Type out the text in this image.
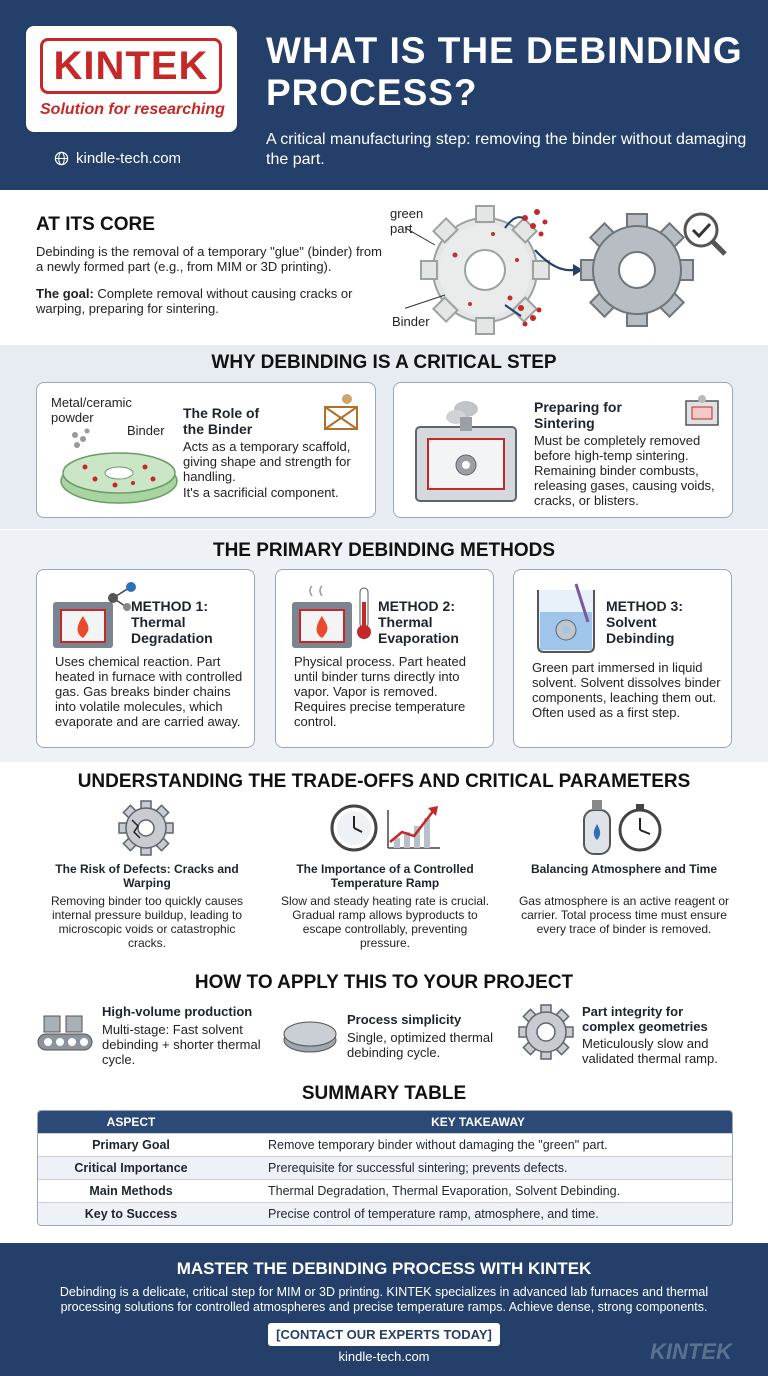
KINTEK
Solution for researching
kindle-tech.com
WHAT IS THE DEBINDING PROCESS?
A critical manufacturing step: removing the binder without damaging the part.
AT ITS CORE
Debinding is the removal of a temporary "glue" (binder) from a newly formed part (e.g., from MIM or 3D printing).
The goal: Complete removal without causing cracks or warping, preparing for sintering.
green part
Binder
WHY DEBINDING IS A CRITICAL STEP
Metal/ceramic powder
Binder
The Role of the Binder
Acts as a temporary scaffold, giving shape and strength for handling.
It's a sacrificial component.
Preparing for Sintering
Must be completely removed before high-temp sintering. Remaining binder combusts, releasing gases, causing voids, cracks, or blisters.
THE PRIMARY DEBINDING METHODS
METHOD 1: Thermal Degradation
Uses chemical reaction. Part heated in furnace with controlled gas. Gas breaks binder chains into volatile molecules, which evaporate and are carried away.
METHOD 2: Thermal Evaporation
Physical process. Part heated until binder turns directly into vapor. Vapor is removed. Requires precise temperature control.
METHOD 3: Solvent Debinding
Green part immersed in liquid solvent. Solvent dissolves binder components, leaching them out. Often used as a first step.
UNDERSTANDING THE TRADE-OFFS AND CRITICAL PARAMETERS
The Risk of Defects: Cracks and Warping
Removing binder too quickly causes internal pressure buildup, leading to microscopic voids or catastrophic cracks.
The Importance of a Controlled Temperature Ramp
Slow and steady heating rate is crucial. Gradual ramp allows byproducts to escape controllably, preventing pressure.
Balancing Atmosphere and Time
Gas atmosphere is an active reagent or carrier. Total process time must ensure every trace of binder is removed.
HOW TO APPLY THIS TO YOUR PROJECT
High-volume production
Multi-stage: Fast solvent debinding + shorter thermal cycle.
Process simplicity
Single, optimized thermal debinding cycle.
Part integrity for complex geometries
Meticulously slow and validated thermal ramp.
SUMMARY TABLE
ASPECT	KEY TAKEAWAY
Primary Goal	Remove temporary binder without damaging the "green" part.
Critical Importance	Prerequisite for successful sintering; prevents defects.
Main Methods	Thermal Degradation, Thermal Evaporation, Solvent Debinding.
Key to Success	Precise control of temperature ramp, atmosphere, and time.
MASTER THE DEBINDING PROCESS WITH KINTEK
Debinding is a delicate, critical step for MIM or 3D printing. KINTEK specializes in advanced lab furnaces and thermal processing solutions for controlled atmospheres and precise temperature ramps. Achieve dense, strong components.
[CONTACT OUR EXPERTS TODAY]
kindle-tech.com	KINTEK
